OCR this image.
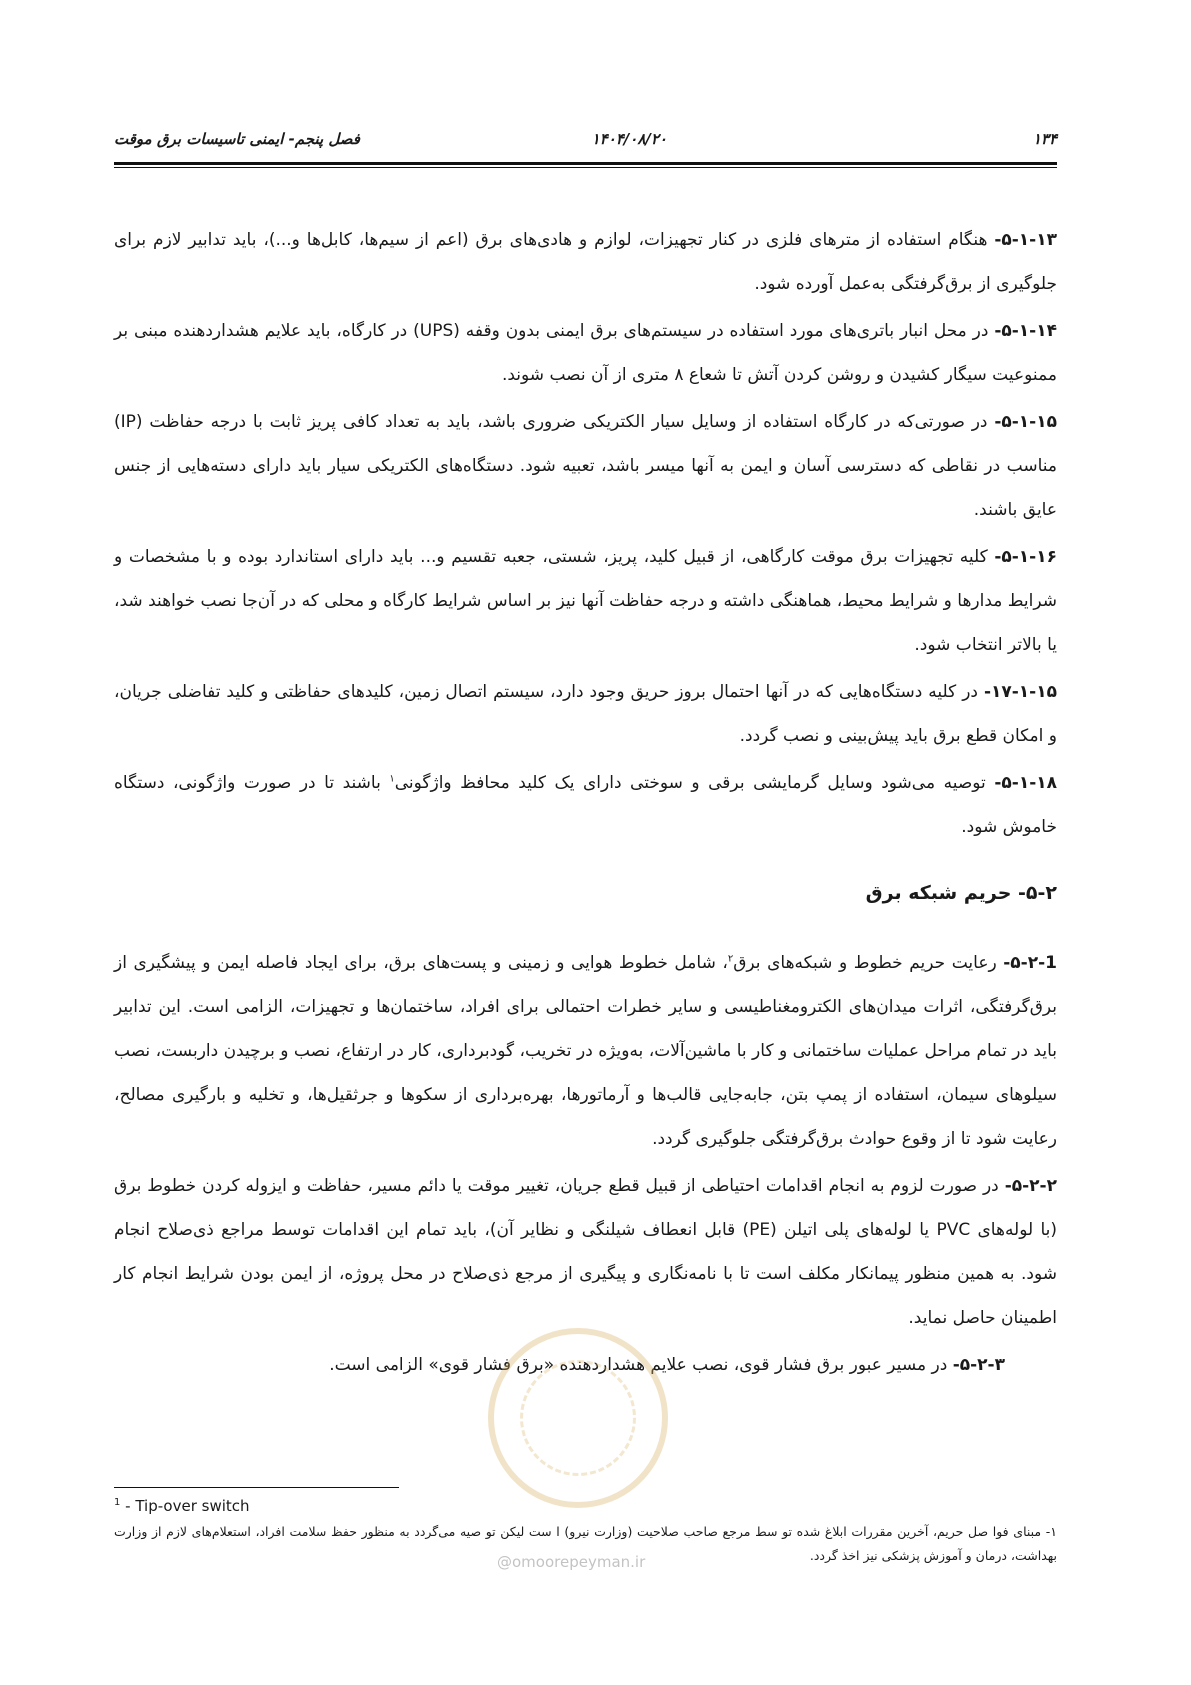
۱۳۴
۱۴۰۴/۰۸/۲۰
فصل پنجم- ایمنی تاسیسات برق موقت

۵-۱-۱۳- هنگام استفاده از مترهای فلزی در کنار تجهیزات، لوازم و هادی‌های برق (اعم از سیم‌ها، کابل‌ها و...)، باید تدابیر لازم برای جلوگیری از برق‌گرفتگی به‌عمل آورده شود.

۵-۱-۱۴- در محل انبار باتری‌های مورد استفاده در سیستم‌های برق ایمنی بدون وقفه (UPS) در کارگاه، باید علایم هشداردهنده مبنی بر ممنوعیت سیگار کشیدن و روشن کردن آتش تا شعاع ۸ متری از آن نصب شوند.

۵-۱-۱۵- در صورتی‌که در کارگاه استفاده از وسایل سیار الکتریکی ضروری باشد، باید به تعداد کافی پریز ثابت با درجه حفاظت (IP) مناسب در نقاطی که دسترسی آسان و ایمن به آنها میسر باشد، تعبیه شود. دستگاه‌های الکتریکی سیار باید دارای دسته‌هایی از جنس عایق باشند.

۵-۱-۱۶- کلیه تجهیزات برق موقت کارگاهی، از قبیل کلید، پریز، شستی، جعبه تقسیم و... باید دارای استاندارد بوده و با مشخصات و شرایط مدارها و شرایط محیط، هماهنگی داشته و درجه حفاظت آنها نیز بر اساس شرایط کارگاه و محلی که در آن‌جا نصب خواهند شد، یا بالاتر انتخاب شود.

۱۷-۱-۱۵- در کلیه دستگاه‌هایی که در آنها احتمال بروز حریق وجود دارد، سیستم اتصال زمین، کلیدهای حفاظتی و کلید تفاضلی جریان، و امکان قطع برق باید پیش‌بینی و نصب گردد.

۵-۱-۱۸- توصیه می‌شود وسایل گرمایشی برقی و سوختی دارای یک کلید محافظ واژگونی$^۱$ باشند تا در صورت واژگونی، دستگاه خاموش شود.

۵-۲- حریم شبکه برق

۵-۲-1- رعایت حریم خطوط و شبکه‌های برق$^۲$، شامل خطوط هوایی و زمینی و پست‌های برق، برای ایجاد فاصله ایمن و پیشگیری از برق‌گرفتگی، اثرات میدان‌های الکترومغناطیسی و سایر خطرات احتمالی برای افراد، ساختمان‌ها و تجهیزات، الزامی است. این تدابیر باید در تمام مراحل عملیات ساختمانی و کار با ماشین‌آلات، به‌ویژه در تخریب، گودبرداری، کار در ارتفاع، نصب و برچیدن داربست، نصب سیلوهای سیمان، استفاده از پمپ بتن، جابه‌جایی قالب‌ها و آرماتورها، بهره‌برداری از سکوها و جرثقیل‌ها، و تخلیه و بارگیری مصالح، رعایت شود تا از وقوع حوادث برق‌گرفتگی جلوگیری گردد.

۵-۲-۲- در صورت لزوم به انجام اقدامات احتیاطی از قبیل قطع جریان، تغییر موقت یا دائم مسیر، حفاظت و ایزوله کردن خطوط برق (با لوله‌های PVC یا لوله‌های پلی اتیلن (PE) قابل انعطاف شیلنگی و نظایر آن)، باید تمام این اقدامات توسط مراجع ذی‌صلاح انجام شود. به همین منظور پیمانکار مکلف است تا با نامه‌نگاری و پیگیری از مرجع ذی‌صلاح در محل پروژه، از ایمن بودن شرایط انجام کار اطمینان حاصل نماید.

۵-۲-۳- در مسیر عبور برق فشار قوی، نصب علایم هشداردهنده «برق فشار قوی» الزامی است.

@omoorepeyman.ir
$^1$ - Tip-over switch
۱- مبنای فوا صل حریم، آخرین مقررات ابلاغ شده تو سط مرجع صاحب صلاحیت (وزارت نیرو) ا ست لیکن تو صیه می‌گردد به منظور حفظ سلامت افراد، استعلام‌های لازم از وزارت بهداشت، درمان و آموزش پزشکی نیز اخذ گردد.
